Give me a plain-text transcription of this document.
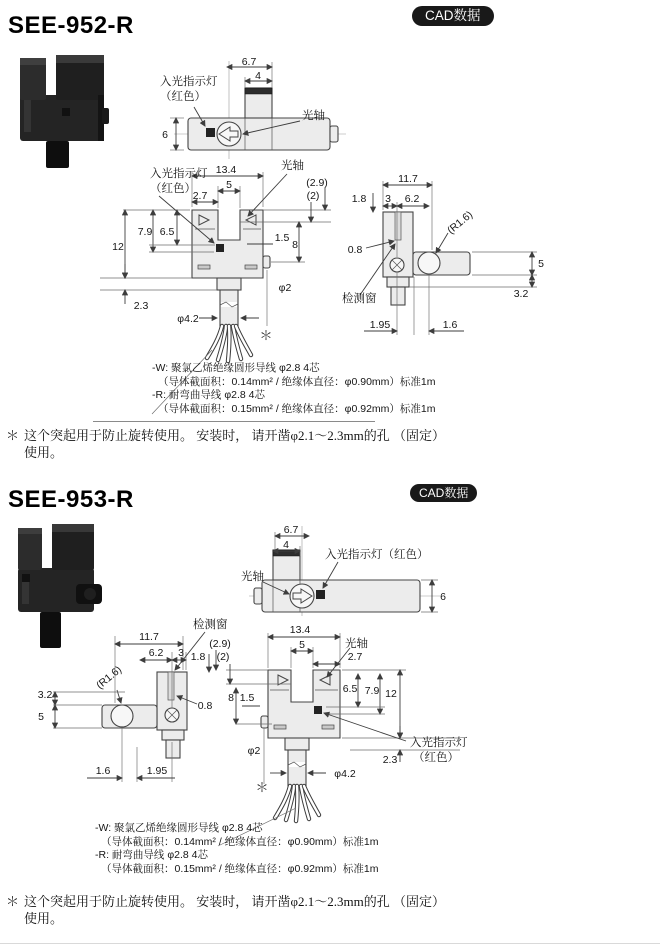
SEE-952-R	CAD数据
6.7
4
6
入光指示灯
（红色）
光轴
13.4
5
2.7
(2.9)
(2)
7.9 6.5
12
2.3
1.5
8
φ2
φ4.2
＊
入光指示灯
（红色）
光轴
11.7
3 6.2
1.8
0.8
(R1.6)
5
3.2
1.95	1.6
检测窗
-W: 聚氯乙烯绝缘圆形导线 φ2.8 4芯
（导体截面积：0.14mm² / 绝缘体直径：φ0.90mm）标准1m
-R: 耐弯曲导线 φ2.8 4芯
（导体截面积：0.15mm² / 绝缘体直径：φ0.92mm）标准1m
＊ 这个突起用于防止旋转使用。 安装时， 请开凿φ2.1～2.3mm的孔 （固定）
使用。
SEE-953-R	CAD数据
6.7
4
6
光轴
入光指示灯（红色）
11.7
6.2 3 1.8
(R1.6)
3.2
5
0.8
1.6	1.95
检测窗	13.4
5
2.7
(2.9)
(2)
8 1.5
φ2
＊
6.5 7.9 12
2.3
φ4.2
光轴
入光指示灯
（红色）
-W: 聚氯乙烯绝缘圆形导线 φ2.8 4芯
（导体截面积：0.14mm² / 绝缘体直径：φ0.90mm）标准1m
-R: 耐弯曲导线 φ2.8 4芯
（导体截面积：0.15mm² / 绝缘体直径：φ0.92mm）标准1m
＊ 这个突起用于防止旋转使用。 安装时， 请开凿φ2.1～2.3mm的孔 （固定）
使用。
